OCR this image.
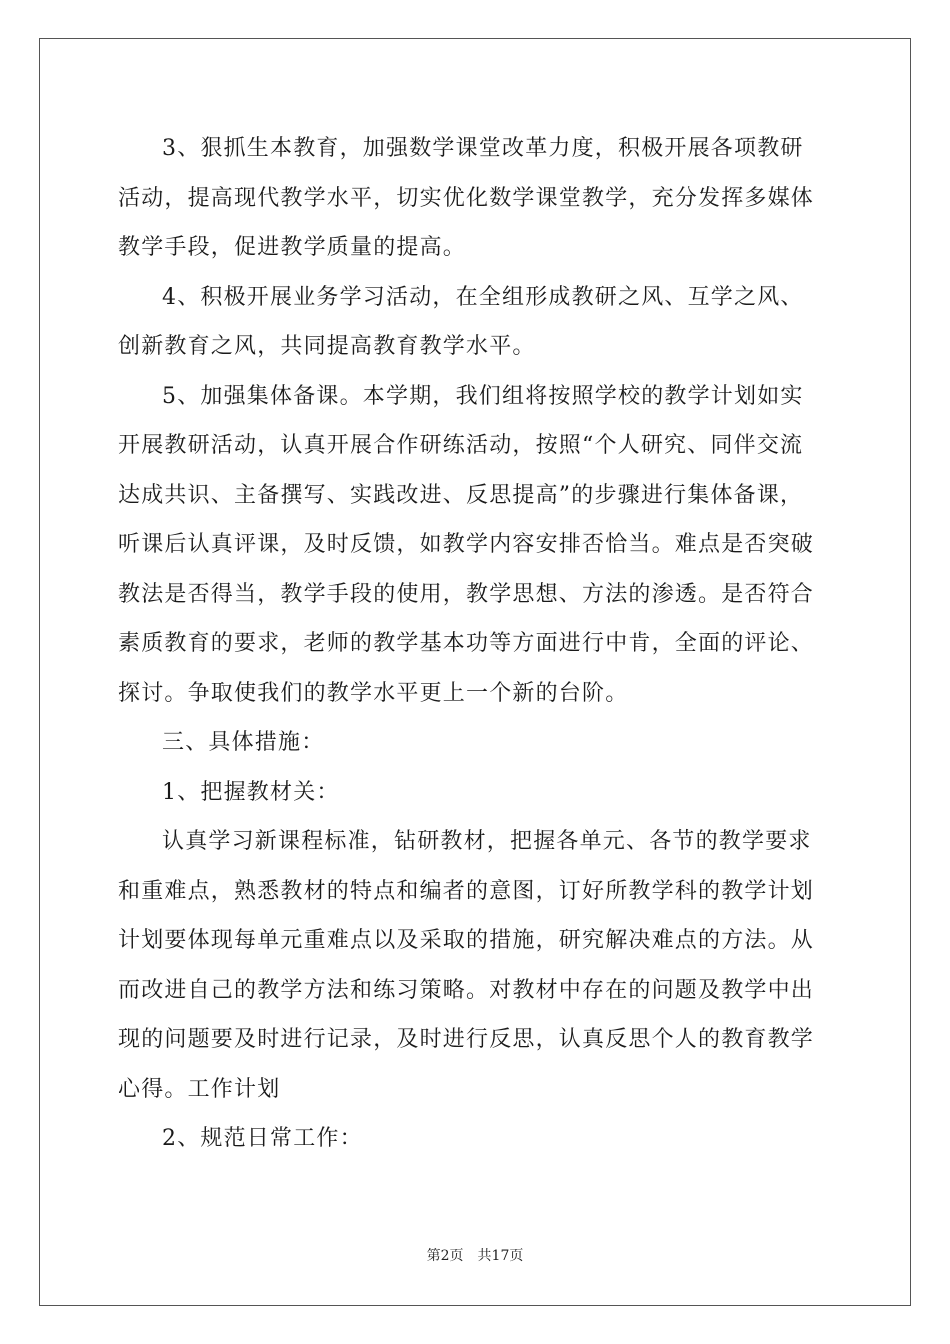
3、狠抓生本教育，加强数学课堂改革力度，积极开展各项教研
活动，提高现代教学水平，切实优化数学课堂教学，充分发挥多媒体
教学手段，促进教学质量的提高。
4、积极开展业务学习活动，在全组形成教研之风、互学之风、
创新教育之风，共同提高教育教学水平。
5、加强集体备课。本学期，我们组将按照学校的教学计划如实
开展教研活动，认真开展合作研练活动，按照“个人研究、同伴交流
达成共识、主备撰写、实践改进、反思提高”的步骤进行集体备课，
听课后认真评课，及时反馈，如教学内容安排否恰当。难点是否突破
教法是否得当，教学手段的使用，教学思想、方法的渗透。是否符合
素质教育的要求，老师的教学基本功等方面进行中肯，全面的评论、
探讨。争取使我们的教学水平更上一个新的台阶。
三、具体措施：
1、把握教材关：
认真学习新课程标准，钻研教材，把握各单元、各节的教学要求
和重难点，熟悉教材的特点和编者的意图，订好所教学科的教学计划
计划要体现每单元重难点以及采取的措施，研究解决难点的方法。从
而改进自己的教学方法和练习策略。对教材中存在的问题及教学中出
现的问题要及时进行记录，及时进行反思，认真反思个人的教育教学
心得。工作计划
2、规范日常工作：
第2页 共17页
